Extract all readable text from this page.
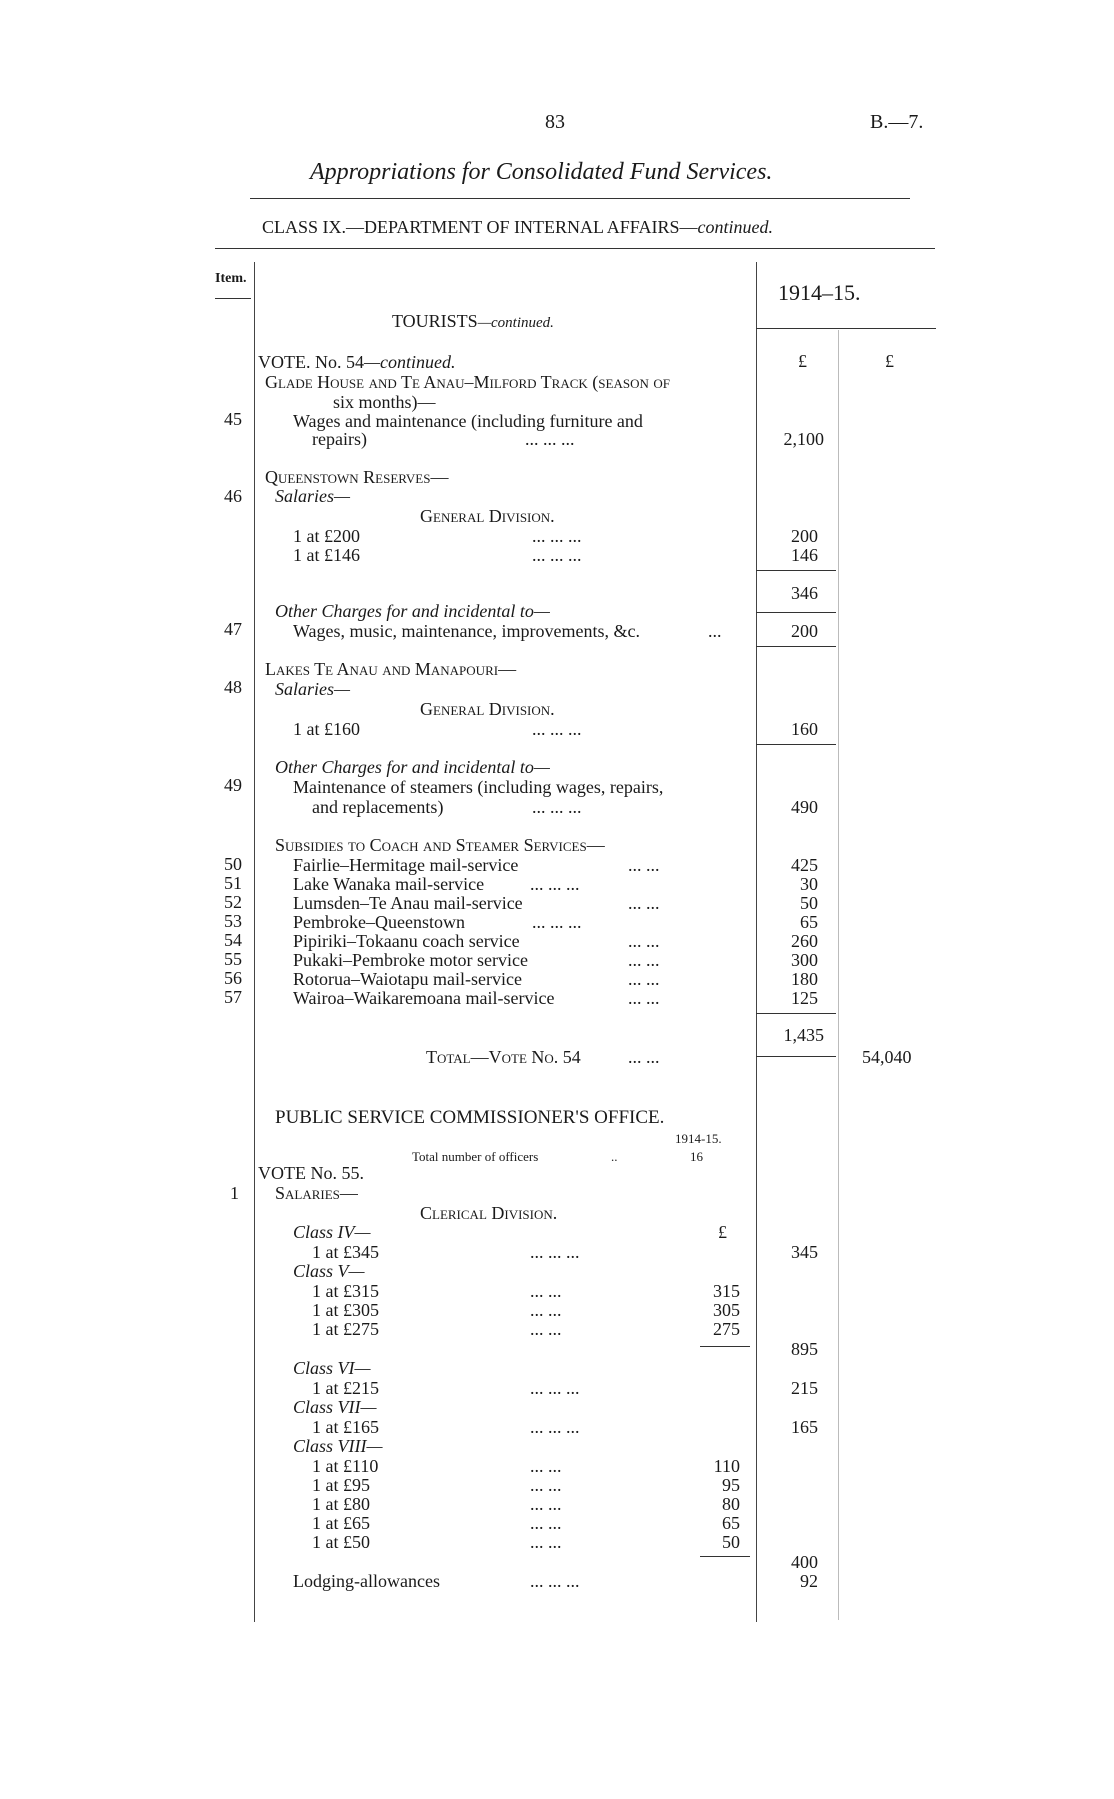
83	B.—7.
Appropriations for Consolidated Fund Services.
CLASS IX.—DEPARTMENT OF INTERNAL AFFAIRS—continued.
Item.
1914–15.
£	£
TOURISTS—continued.
VOTE. No. 54—continued.
Glade House and Te Anau–Milford Track (season of
six months)—
45	Wages and maintenance (including furniture and
repairs)	... ... ...	2,100
Queenstown Reserves—
46 Salaries—
General Division.
1 at £200	... ... ...	200
1 at £146	... ... ...	146
346
Other Charges for and incidental to—
47	Wages, music, maintenance, improvements, &c.	...	200
Lakes Te Anau and Manapouri—
48 Salaries—
General Division.
1 at £160	... ... ...	160
Other Charges for and incidental to—
49	Maintenance of steamers (including wages, repairs,
and replacements)	... ... ...	490
Subsidies to Coach and Steamer Services—
50	Fairlie–Hermitage mail-service	... ...	425
51	Lake Wanaka mail-service	... ... ...	30
52	Lumsden–Te Anau mail-service	... ...	50
53	Pembroke–Queenstown	... ... ...	65
54	Pipiriki–Tokaanu coach service	... ...	260
55	Pukaki–Pembroke motor service	... ...	300
56	Rotorua–Waiotapu mail-service	... ...	180
57	Wairoa–Waikaremoana mail-service	... ...	125
1,435
Total—Vote No. 54	... ...	54,040
PUBLIC SERVICE COMMISSIONER'S OFFICE.
1914-15.
Total number of officers	..	16
VOTE No. 55.
1 Salaries—
Clerical Division.
Class IV—	£
1 at £345	... ... ...	345
Class V—
1 at £315	... ...	315
1 at £305	... ...	305
1 at £275	... ...	275
895
Class VI—
1 at £215	... ... ...	215
Class VII—
1 at £165	... ... ...	165
Class VIII—
1 at £110	... ...	110
1 at £95	... ...	95
1 at £80	... ...	80
1 at £65	... ...	65
1 at £50	... ...	50
400
Lodging-allowances	... ... ...	92
